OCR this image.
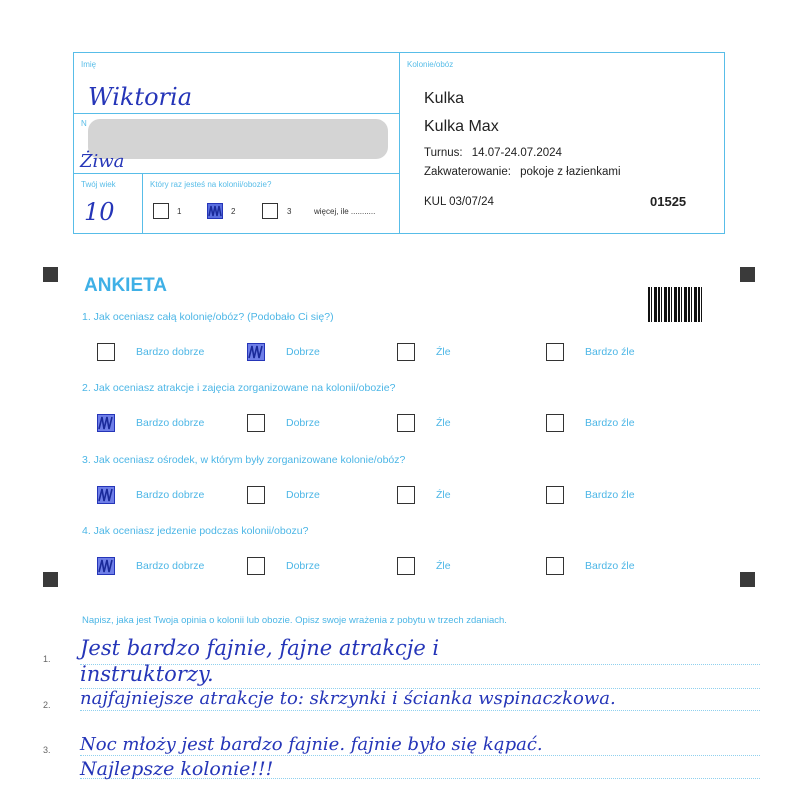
Imię
Wiktoria
N
Żiwa
Twój wiek
10
Który raz jesteś na kolonii/obozie?
1	2	3	więcej, ile ...........
Kolonie/obóz
Kulka
Kulka Max
Turnus: 14.07-24.07.2024
Zakwaterowanie: pokoje z łazienkami
KUL 03/07/24	01525
ANKIETA
1. Jak oceniasz całą kolonię/obóz? (Podobało Ci się?)
Bardzo dobrze	Dobrze	Źle	Bardzo źle
2. Jak oceniasz atrakcje i zajęcia zorganizowane na kolonii/obozie?
Bardzo dobrze	Dobrze	Źle	Bardzo źle
3. Jak oceniasz ośrodek, w którym były zorganizowane kolonie/obóz?
Bardzo dobrze	Dobrze	Źle	Bardzo źle
4. Jak oceniasz jedzenie podczas kolonii/obozu?
Bardzo dobrze	Dobrze	Źle	Bardzo źle
Napisz, jaka jest Twoja opinia o kolonii lub obozie. Opisz swoje wrażenia z pobytu w trzech zdaniach.
1.
2.
3.
Jest bardzo fajnie, fajne atrakcje i
instruktorzy.
najfajniejsze atrakcje to: skrzynki i ścianka wspinaczkowa.
Noc młoży jest bardzo fajnie. fajnie było się kąpać.
Najlepsze kolonie!!!
